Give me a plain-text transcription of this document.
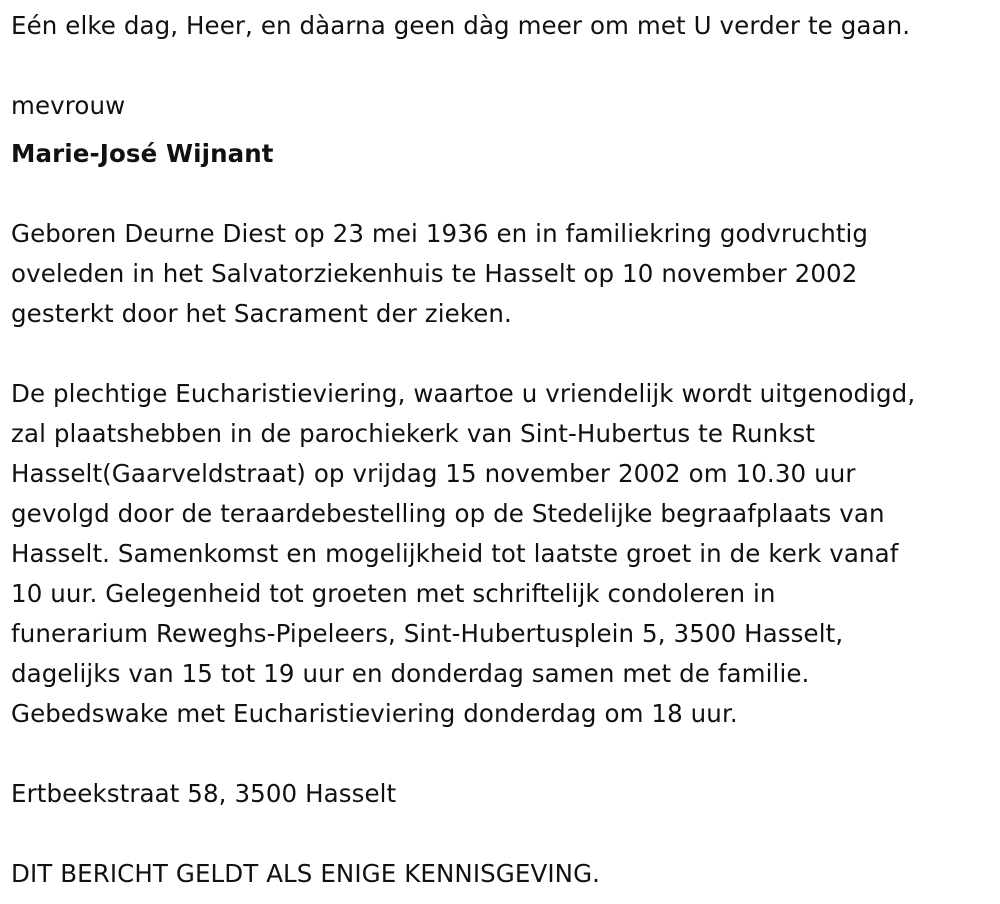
Eén elke dag, Heer, en dàarna geen dàg meer om met U verder te gaan.
mevrouw
Marie-José Wijnant
Geboren Deurne Diest op 23 mei 1936 en in familiekring godvruchtig
oveleden in het Salvatorziekenhuis te Hasselt op 10 november 2002
gesterkt door het Sacrament der zieken.
De plechtige Eucharistieviering, waartoe u vriendelijk wordt uitgenodigd,
zal plaatshebben in de parochiekerk van Sint-Hubertus te Runkst
Hasselt(Gaarveldstraat) op vrijdag 15 november 2002 om 10.30 uur
gevolgd door de teraardebestelling op de Stedelijke begraafplaats van
Hasselt. Samenkomst en mogelijkheid tot laatste groet in de kerk vanaf
10 uur. Gelegenheid tot groeten met schriftelijk condoleren in
funerarium Reweghs-Pipeleers, Sint-Hubertusplein 5, 3500 Hasselt,
dagelijks van 15 tot 19 uur en donderdag samen met de familie.
Gebedswake met Eucharistieviering donderdag om 18 uur.
Ertbeekstraat 58, 3500 Hasselt
DIT BERICHT GELDT ALS ENIGE KENNISGEVING.
